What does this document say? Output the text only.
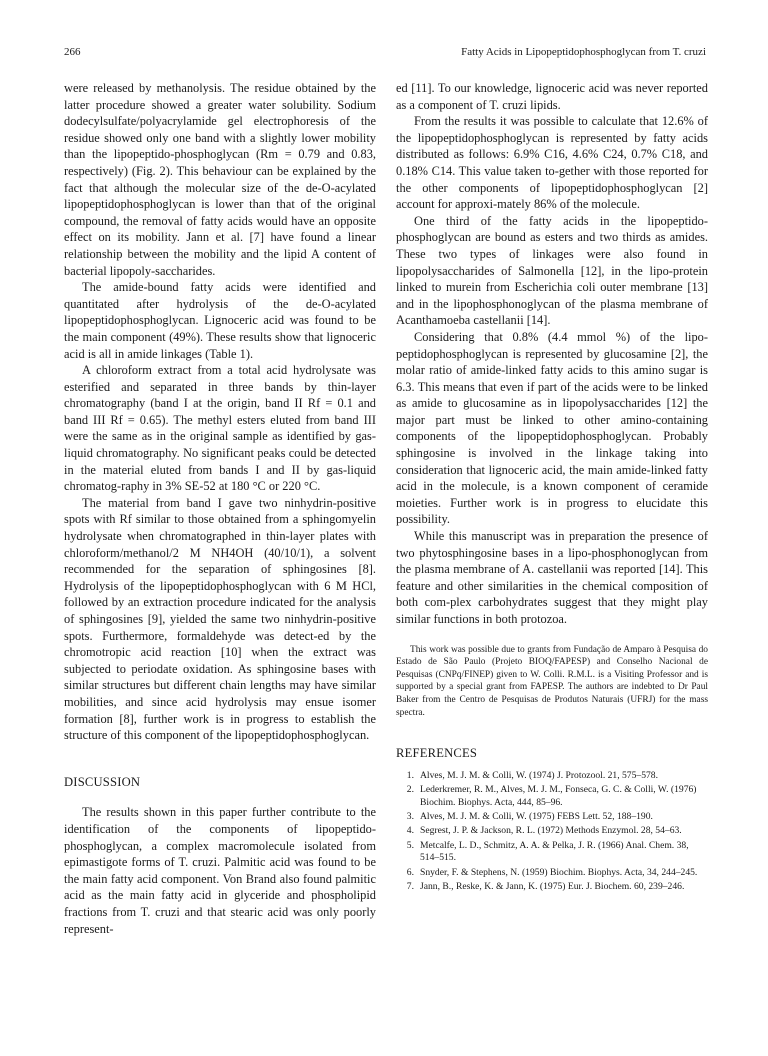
266	Fatty Acids in Lipopeptidophosphoglycan from T. cruzi

were released by methanolysis. The residue obtained by the latter procedure showed a greater water solubility. Sodium dodecylsulfate/polyacrylamide gel electrophoresis of the residue showed only one band with a slightly lower mobility than the lipopeptido-phosphoglycan (Rm = 0.79 and 0.83, respectively) (Fig. 2). This behaviour can be explained by the fact that although the molecular size of the de-O-acylated lipopeptidophosphoglycan is lower than that of the original compound, the removal of fatty acids would have an opposite effect on its mobility. Jann et al. [7] have found a linear relationship between the mobility and the lipid A content of bacterial lipopoly-saccharides.

The amide-bound fatty acids were identified and quantitated after hydrolysis of the de-O-acylated lipopeptidophosphoglycan. Lignoceric acid was found to be the main component (49%). These results show that lignoceric acid is all in amide linkages (Table 1).

A chloroform extract from a total acid hydrolysate was esterified and separated in three bands by thin-layer chromatography (band I at the origin, band II Rf = 0.1 and band III Rf = 0.65). The methyl esters eluted from band III were the same as in the original sample as identified by gas-liquid chromatography. No significant peaks could be detected in the material eluted from bands I and II by gas-liquid chromatog-raphy in 3% SE-52 at 180 °C or 220 °C.

The material from band I gave two ninhydrin-positive spots with Rf similar to those obtained from a sphingomyelin hydrolysate when chromatographed in thin-layer plates with chloroform/methanol/2 M NH4OH (40/10/1), a solvent recommended for the separation of sphingosines [8]. Hydrolysis of the lipopeptidophosphoglycan with 6 M HCl, followed by an extraction procedure indicated for the analysis of sphingosines [9], yielded the same two ninhydrin-positive spots. Furthermore, formaldehyde was detect-ed by the chromotropic acid reaction [10] when the extract was subjected to periodate oxidation. As sphingosine bases with similar structures but different chain lengths may have similar mobilities, and since acid hydrolysis may ensue isomer formation [8], further work is in progress to establish the structure of this component of the lipopeptidophosphoglycan.

DISCUSSION

The results shown in this paper further contribute to the identification of the components of lipopeptido-phosphoglycan, a complex macromolecule isolated from epimastigote forms of T. cruzi. Palmitic acid was found to be the main fatty acid component. Von Brand also found palmitic acid as the main fatty acid in glyceride and phospholipid fractions from T. cruzi and that stearic acid was only poorly represent-

ed [11]. To our knowledge, lignoceric acid was never reported as a component of T. cruzi lipids.

From the results it was possible to calculate that 12.6% of the lipopeptidophosphoglycan is represented by fatty acids distributed as follows: 6.9% C16, 4.6% C24, 0.7% C18, and 0.18% C14. This value taken to-gether with those reported for the other components of lipopeptidophosphoglycan [2] account for approxi-mately 86% of the molecule.

One third of the fatty acids in the lipopeptido-phosphoglycan are bound as esters and two thirds as amides. These two types of linkages were also found in lipopolysaccharides of Salmonella [12], in the lipo-protein linked to murein from Escherichia coli outer membrane [13] and in the lipophosphonoglycan of the plasma membrane of Acanthamoeba castellanii [14].

Considering that 0.8% (4.4 mmol %) of the lipo-peptidophosphoglycan is represented by glucosamine [2], the molar ratio of amide-linked fatty acids to this amino sugar is 6.3. This means that even if part of the acids were to be linked as amide to glucosamine as in lipopolysaccharides [12] the major part must be linked to other amino-containing components of the lipopeptidophosphoglycan. Probably sphingosine is involved in the linkage taking into consideration that lignoceric acid, the main amide-linked fatty acid in the molecule, is a known component of ceramide moieties. Further work is in progress to elucidate this possibility.

While this manuscript was in preparation the presence of two phytosphingosine bases in a lipo-phosphonoglycan from the plasma membrane of A. castellanii was reported [14]. This feature and other similarities in the chemical composition of both com-plex carbohydrates suggest that they might play similar functions in both protozoa.

This work was possible due to grants from Fundação de Amparo à Pesquisa do Estado de São Paulo (Projeto BIOQ/FAPESP) and Conselho Nacional de Pesquisas (CNPq/FINEP) given to W. Colli. R.M.L. is a Visiting Professor and is supported by a special grant from FAPESP. The authors are indebted to Dr Paul Baker from the Centro de Pesquisas de Produtos Naturais (UFRJ) for the mass spectra.

REFERENCES
1. Alves, M. J. M. & Colli, W. (1974) J. Protozool. 21, 575–578.
2. Lederkremer, R. M., Alves, M. J. M., Fonseca, G. C. & Colli, W. (1976) Biochim. Biophys. Acta, 444, 85–96.
3. Alves, M. J. M. & Colli, W. (1975) FEBS Lett. 52, 188–190.
4. Segrest, J. P. & Jackson, R. L. (1972) Methods Enzymol. 28, 54–63.
5. Metcalfe, L. D., Schmitz, A. A. & Pelka, J. R. (1966) Anal. Chem. 38, 514–515.
6. Snyder, F. & Stephens, N. (1959) Biochim. Biophys. Acta, 34, 244–245.
7. Jann, B., Reske, K. & Jann, K. (1975) Eur. J. Biochem. 60, 239–246.
